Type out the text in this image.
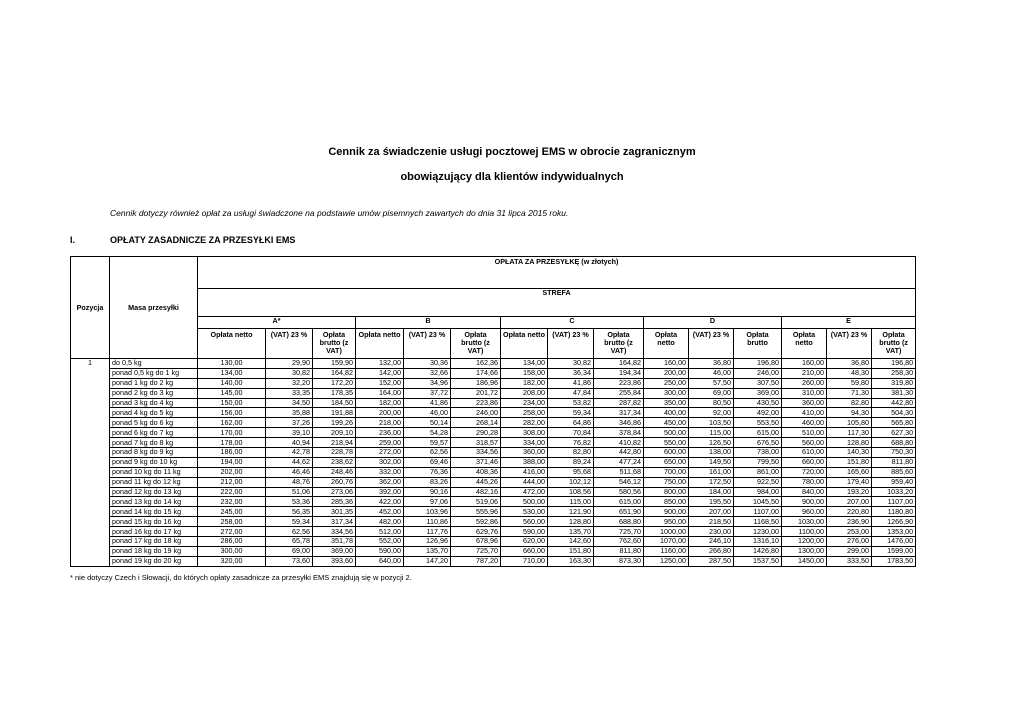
Cennik za świadczenie usługi pocztowej EMS w obrocie zagranicznym
obowiązujący dla klientów indywidualnych
Cennik dotyczy również opłat za usługi świadczone na podstawie umów pisemnych zawartych do dnia 31 lipca 2015 roku.
I.	OPŁATY ZASADNICZE ZA PRZESYŁKI EMS
Pozycja	Masa przesyłki	OPŁATA ZA PRZESYŁKĘ (w złotych)														
		STREFA														
		A*			B			C			D			E		
		Opłata netto	(VAT) 23 %	Opłata brutto (z VAT)	Opłata netto	(VAT) 23 %	Opłata brutto (z VAT)	Opłata netto	(VAT) 23 %	Opłata brutto (z VAT)	Opłata netto	(VAT) 23 %	Opłata brutto	Opłata netto	(VAT) 23 %	Opłata brutto (z VAT)
1	do 0,5 kg	130,00	29,90	159,90	132,00	30,36	162,36	134,00	30,82	164,82	160,00	36,80	196,80	160,00	36,80	196,80
	ponad 0,5 kg do 1 kg	134,00	30,82	164,82	142,00	32,66	174,66	158,00	36,34	194,34	200,00	46,00	246,00	210,00	48,30	258,30
	ponad 1 kg do 2 kg	140,00	32,20	172,20	152,00	34,96	186,96	182,00	41,86	223,86	250,00	57,50	307,50	260,00	59,80	319,80
	ponad 2 kg do 3 kg	145,00	33,35	178,35	164,00	37,72	201,72	208,00	47,84	255,84	300,00	69,00	369,00	310,00	71,30	381,30
	ponad 3 kg do 4 kg	150,00	34,50	184,50	182,00	41,86	223,86	234,00	53,82	287,82	350,00	80,50	430,50	360,00	82,80	442,80
	ponad 4 kg do 5 kg	156,00	35,88	191,88	200,00	46,00	246,00	258,00	59,34	317,34	400,00	92,00	492,00	410,00	94,30	504,30
	ponad 5 kg do 6 kg	162,00	37,26	199,26	218,00	50,14	268,14	282,00	64,86	346,86	450,00	103,50	553,50	460,00	105,80	565,80
	ponad 6 kg do 7 kg	170,00	39,10	209,10	236,00	54,28	290,28	308,00	70,84	378,84	500,00	115,00	615,00	510,00	117,30	627,30
	ponad 7 kg do 8 kg	178,00	40,94	218,94	259,00	59,57	318,57	334,00	76,82	410,82	550,00	126,50	676,50	560,00	128,80	688,80
	ponad 8 kg do 9 kg	186,00	42,78	228,78	272,00	62,56	334,56	360,00	82,80	442,80	600,00	138,00	738,00	610,00	140,30	750,30
	ponad 9 kg do 10 kg	194,00	44,62	238,62	302,00	69,46	371,46	388,00	89,24	477,24	650,00	149,50	799,50	660,00	151,80	811,80
	ponad 10 kg do 11 kg	202,00	46,46	248,46	332,00	76,36	408,36	416,00	95,68	511,68	700,00	161,00	861,00	720,00	165,60	885,60
	ponad 11 kg do 12 kg	212,00	48,76	260,76	362,00	83,26	445,26	444,00	102,12	546,12	750,00	172,50	922,50	780,00	179,40	959,40
	ponad 12 kg do 13 kg	222,00	51,06	273,06	392,00	90,16	482,16	472,00	108,56	580,56	800,00	184,00	984,00	840,00	193,20	1033,20
	ponad 13 kg do 14 kg	232,00	53,36	285,36	422,00	97,06	519,06	500,00	115,00	615,00	850,00	195,50	1045,50	900,00	207,00	1107,00
	ponad 14 kg do 15 kg	245,00	56,35	301,35	452,00	103,96	555,96	530,00	121,90	651,90	900,00	207,00	1107,00	960,00	220,80	1180,80
	ponad 15 kg do 16 kg	258,00	59,34	317,34	482,00	110,86	592,86	560,00	128,80	688,80	950,00	218,50	1168,50	1030,00	236,90	1266,90
	ponad 16 kg do 17 kg	272,00	62,56	334,56	512,00	117,76	629,76	590,00	135,70	725,70	1000,00	230,00	1230,00	1100,00	253,00	1353,00
	ponad 17 kg do 18 kg	286,00	65,78	351,78	552,00	126,96	678,96	620,00	142,60	762,60	1070,00	246,10	1316,10	1200,00	276,00	1476,00
	ponad 18 kg do 19 kg	300,00	69,00	369,00	590,00	135,70	725,70	660,00	151,80	811,80	1160,00	266,80	1426,80	1300,00	299,00	1599,00
	ponad 19 kg do 20 kg	320,00	73,60	393,60	640,00	147,20	787,20	710,00	163,30	873,30	1250,00	287,50	1537,50	1450,00	333,50	1783,50
* nie dotyczy Czech i Słowacji, do których opłaty zasadnicze za przesyłki EMS znajdują się w pozycji 2.
